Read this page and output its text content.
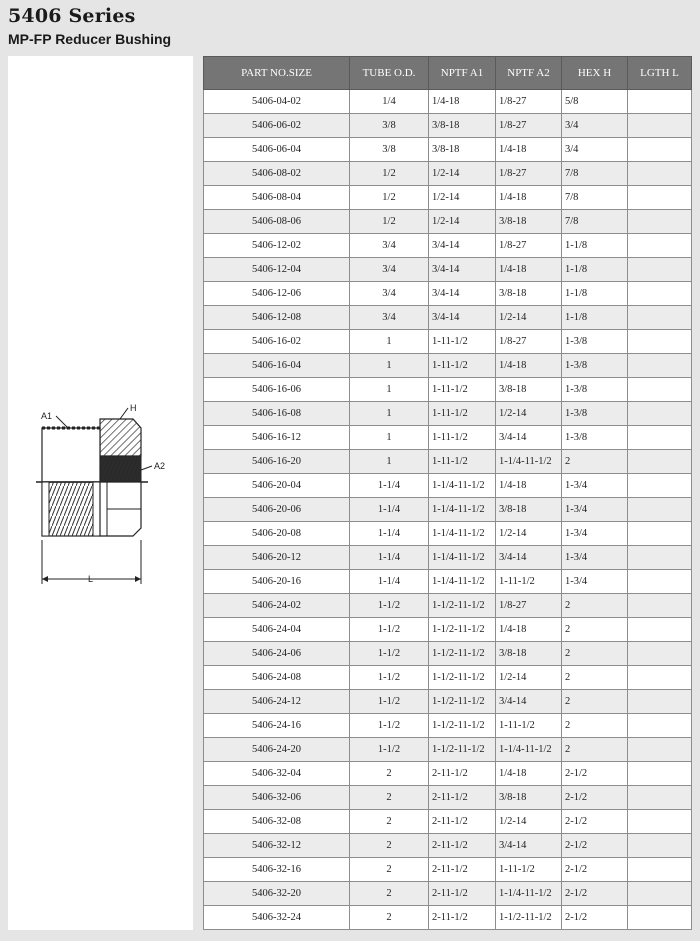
5406 Series
MP-FP Reducer Bushing
A1
H
A2
L
PART NO.SIZE	TUBE O.D.	NPTF A1	NPTF A2	HEX H	LGTH L
5406-04-02	1/4	1/4-18	1/8-27	5/8	
5406-06-02	3/8	3/8-18	1/8-27	3/4	
5406-06-04	3/8	3/8-18	1/4-18	3/4	
5406-08-02	1/2	1/2-14	1/8-27	7/8	
5406-08-04	1/2	1/2-14	1/4-18	7/8	
5406-08-06	1/2	1/2-14	3/8-18	7/8	
5406-12-02	3/4	3/4-14	1/8-27	1-1/8	
5406-12-04	3/4	3/4-14	1/4-18	1-1/8	
5406-12-06	3/4	3/4-14	3/8-18	1-1/8	
5406-12-08	3/4	3/4-14	1/2-14	1-1/8	
5406-16-02	1	1-11-1/2	1/8-27	1-3/8	
5406-16-04	1	1-11-1/2	1/4-18	1-3/8	
5406-16-06	1	1-11-1/2	3/8-18	1-3/8	
5406-16-08	1	1-11-1/2	1/2-14	1-3/8	
5406-16-12	1	1-11-1/2	3/4-14	1-3/8	
5406-16-20	1	1-11-1/2	1-1/4-11-1/2	2	
5406-20-04	1-1/4	1-1/4-11-1/2	1/4-18	1-3/4	
5406-20-06	1-1/4	1-1/4-11-1/2	3/8-18	1-3/4	
5406-20-08	1-1/4	1-1/4-11-1/2	1/2-14	1-3/4	
5406-20-12	1-1/4	1-1/4-11-1/2	3/4-14	1-3/4	
5406-20-16	1-1/4	1-1/4-11-1/2	1-11-1/2	1-3/4	
5406-24-02	1-1/2	1-1/2-11-1/2	1/8-27	2	
5406-24-04	1-1/2	1-1/2-11-1/2	1/4-18	2	
5406-24-06	1-1/2	1-1/2-11-1/2	3/8-18	2	
5406-24-08	1-1/2	1-1/2-11-1/2	1/2-14	2	
5406-24-12	1-1/2	1-1/2-11-1/2	3/4-14	2	
5406-24-16	1-1/2	1-1/2-11-1/2	1-11-1/2	2	
5406-24-20	1-1/2	1-1/2-11-1/2	1-1/4-11-1/2	2	
5406-32-04	2	2-11-1/2	1/4-18	2-1/2	
5406-32-06	2	2-11-1/2	3/8-18	2-1/2	
5406-32-08	2	2-11-1/2	1/2-14	2-1/2	
5406-32-12	2	2-11-1/2	3/4-14	2-1/2	
5406-32-16	2	2-11-1/2	1-11-1/2	2-1/2	
5406-32-20	2	2-11-1/2	1-1/4-11-1/2	2-1/2	
5406-32-24	2	2-11-1/2	1-1/2-11-1/2	2-1/2	
